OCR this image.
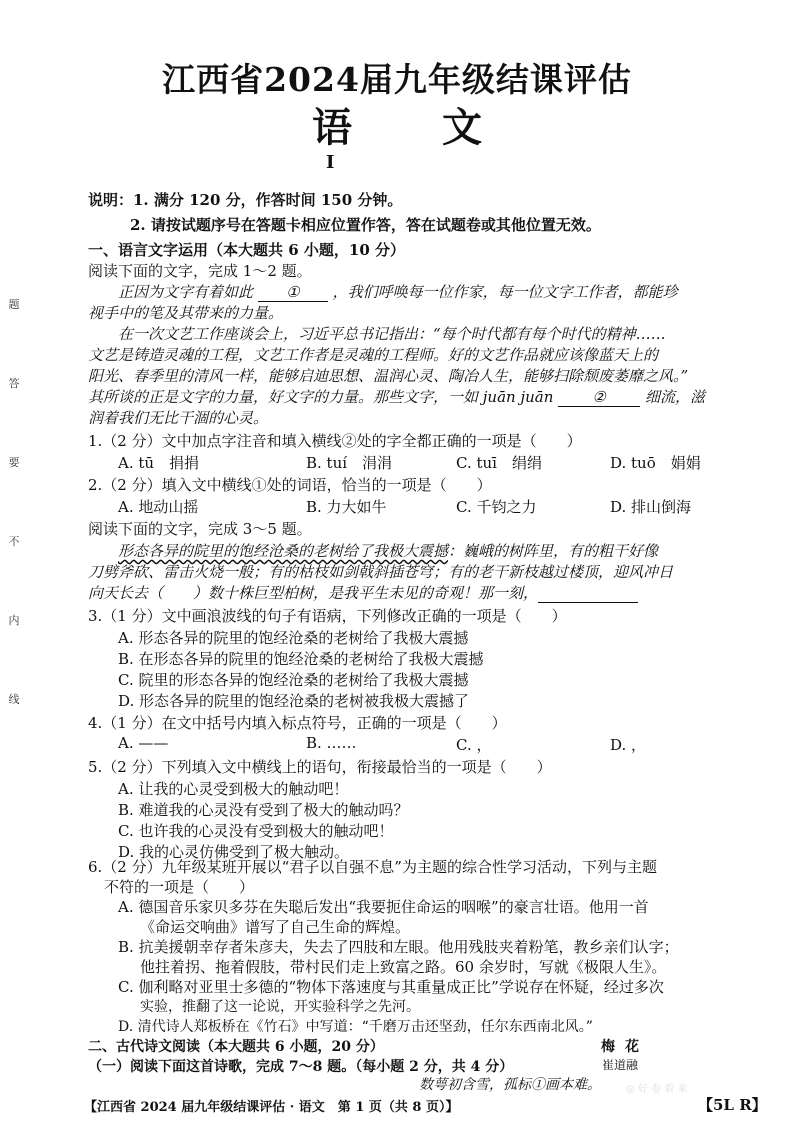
江西省2024届九年级结课评估
语文
I
题
答
要
不
内
线
说明：1. 满分 120 分，作答时间 150 分钟。
2. 请按试题序号在答题卡相应位置作答，答在试题卷或其他位置无效。
一、语言文字运用（本大题共 6 小题，10 分）
阅读下面的文字，完成 1～2 题。
正因为文字有着如此 ① ，我们呼唤每一位作家，每一位文字工作者，都能珍
视手中的笔及其带来的力量。
在一次文艺工作座谈会上，习近平总书记指出：“每个时代都有每个时代的精神……
文艺是铸造灵魂的工程，文艺工作者是灵魂的工程师。好的文艺作品就应该像蓝天上的
阳光、春季里的清风一样，能够启迪思想、温润心灵、陶冶人生，能够扫除颓废萎靡之风。”
其所谈的正是文字的力量，好文字的力量。那些文字，一如 juān juān	②	细流，滋
润着我们无比干涸的心灵。
1.（2 分）文中加点字注音和填入横线②处的字全都正确的一项是（　　）
A. tū　捐捐	B. tuí　涓涓	C. tuī　绢绢	D. tuō　娟娟
2.（2 分）填入文中横线①处的词语，恰当的一项是（　　）
A. 地动山摇	B. 力大如牛	C. 千钧之力	D. 排山倒海
阅读下面的文字，完成 3～5 题。
形态各异的院里的饱经沧桑的老树给了我极大震撼：巍峨的树阵里，有的粗干好像
刀劈斧砍、雷击火烧一般；有的枯枝如剑戟斜插苍穹；有的老干新枝越过楼顶，迎风冲日
向天长去（　　）数十株巨型柏树，是我平生未见的奇观！那一刻，
3.（1 分）文中画浪波线的句子有语病，下列修改正确的一项是（　　）
A. 形态各异的院里的饱经沧桑的老树给了我极大震撼
B. 在形态各异的院里的饱经沧桑的老树给了我极大震撼
C. 院里的形态各异的饱经沧桑的老树给了我极大震撼
D. 形态各异的院里的饱经沧桑的老树被我极大震撼了
4.（1 分）在文中括号内填入标点符号，正确的一项是（　　）
A. ——	B. ……	C. ，	D. ，
5.（2 分）下列填入文中横线上的语句，衔接最恰当的一项是（　　）
A. 让我的心灵受到极大的触动吧！
B. 难道我的心灵没有受到了极大的触动吗？
C. 也许我的心灵没有受到极大的触动吧！
D. 我的心灵仿佛受到了极大触动。
6.（2 分）九年级某班开展以“君子以自强不息”为主题的综合性学习活动，下列与主题
不符的一项是（　　）
A. 德国音乐家贝多芬在失聪后发出“我要扼住命运的咽喉”的豪言壮语。他用一首
《命运交响曲》谱写了自己生命的辉煌。
B. 抗美援朝幸存者朱彦夫，失去了四肢和左眼。他用残肢夹着粉笔，教乡亲们认字；
他拄着拐、拖着假肢，带村民们走上致富之路。60 余岁时，写就《极限人生》。
C. 伽利略对亚里士多德的“物体下落速度与其重量成正比”学说存在怀疑，经过多次
实验，推翻了这一论说，开实验科学之先河。
D. 清代诗人郑板桥在《竹石》中写道：“千磨万击还坚劲，任尔东西南北风。”
二、古代诗文阅读（本大题共 6 小题，20 分）
（一）阅读下面这首诗歌，完成 7～8 题。（每小题 2 分，共 4 分）
梅花
崔道融
数萼初含雪，孤标①画本难。	◎ 好 卷 看 来
【江西省 2024 届九年级结课评估 · 语文　第 1 页（共 8 页）】	【5L R】
